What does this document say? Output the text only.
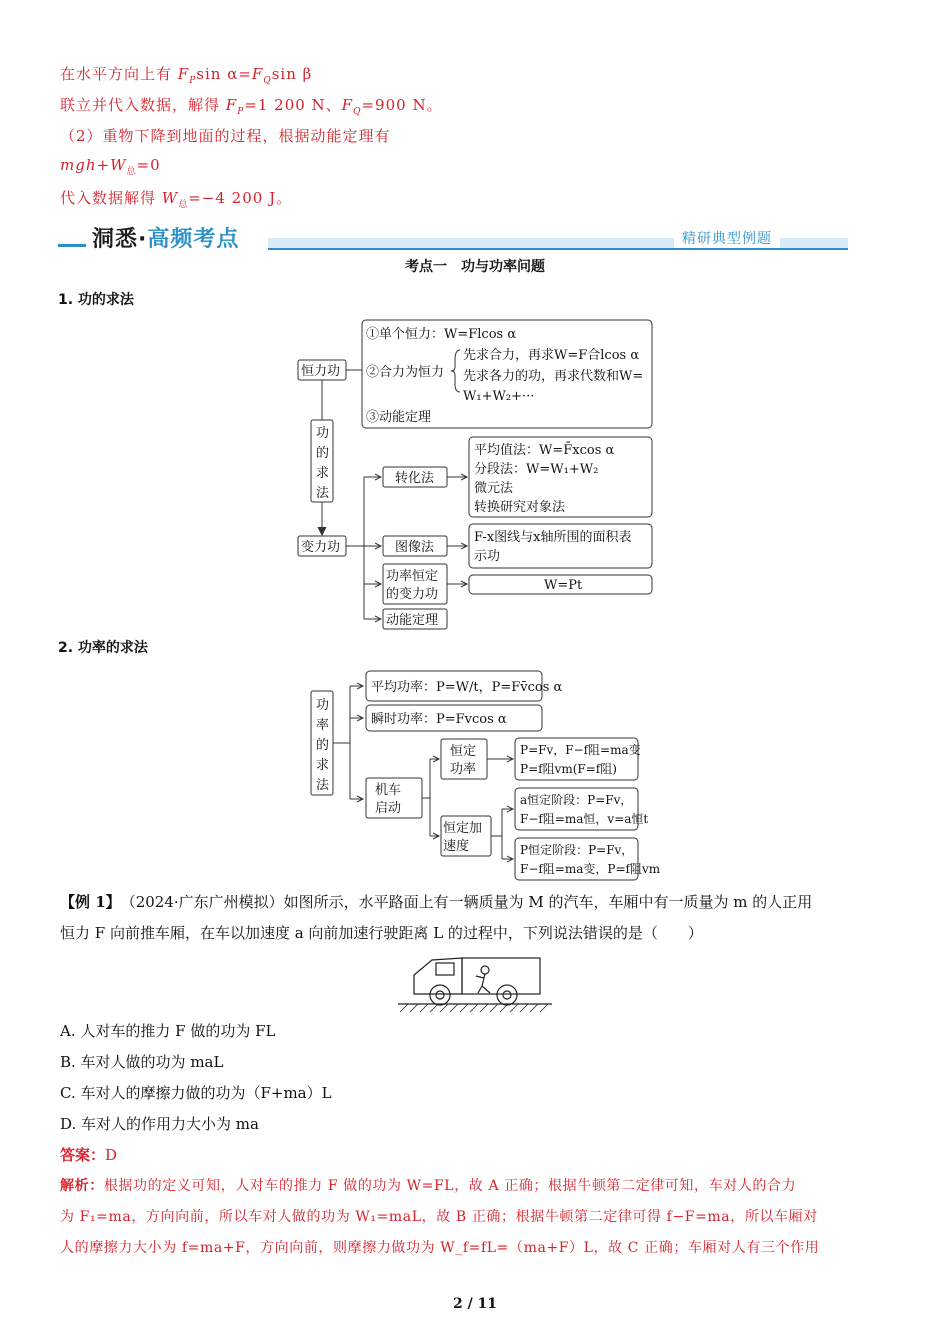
在水平方向上有 $F_P\sin$ $\alpha=F_Q\sin$ β
联立并代入数据，解得 $F_P=1$ 200 N、$F_Q=900$ N。
（2）重物下降到地面的过程，根据动能定理有
$mgh+W_总=0$
代入数据解得 $W_总=-4$ 200 J。
洞悉·高频考点	精研典型例题
考点一　功与功率问题
1. 功的求法
恒力功
变力功
功
的
求
法
①单个恒力：W=Flcos α
②合力为恒力
先求合力，再求W=F合lcos α
先求各力的功，再求代数和W=
W₁+W₂+···
③动能定理
转化法
图像法
功率恒定
的变力功
动能定理
平均值法：W=F̄xcos α
分段法：W=W₁+W₂
微元法
转换研究对象法
F-x图线与x轴所围的面积表
示功
W=Pt
功
率
的
求
法
平均功率：P=W/t，P=Fv̄cos α
瞬时功率：P=Fvcos α
机车
启动
恒定
功率
恒定加
速度
P=Fv，F−f阻=ma变
P=f阻vm(F=f阻)
a恒定阶段：P=Fv，
F−f阻=ma恒，v=a恒t
P恒定阶段：P=Fv，
F−f阻=ma变，P=f阻vm
2. 功率的求法
【例 1】　 （2024·广东广州模拟）如图所示，水平路面上有一辆质量为 M 的汽车，车厢中有一质量为 m 的人正用
恒力 F 向前推车厢，在车以加速度 a 向前加速行驶距离 L 的过程中，下列说法错误的是（　　）
A. 人对车的推力 F 做的功为 FL
B. 车对人做的功为 maL
C. 车对人的摩擦力做的功为（F+ma）L
D. 车对人的作用力大小为 ma
答案：D
解析：根据功的定义可知，人对车的推力 F 做的功为 W=FL，故 A 正确；根据牛顿第二定律可知，车对人的合力
为 F₁=ma，方向向前，所以车对人做的功为 W₁=maL，故 B 正确；根据牛顿第二定律可得 f−F=ma，所以车厢对
人的摩擦力大小为 f=ma+F，方向向前，则摩擦力做功为 W_f=fL=（ma+F）L，故 C 正确；车厢对人有三个作用
2 / 11
